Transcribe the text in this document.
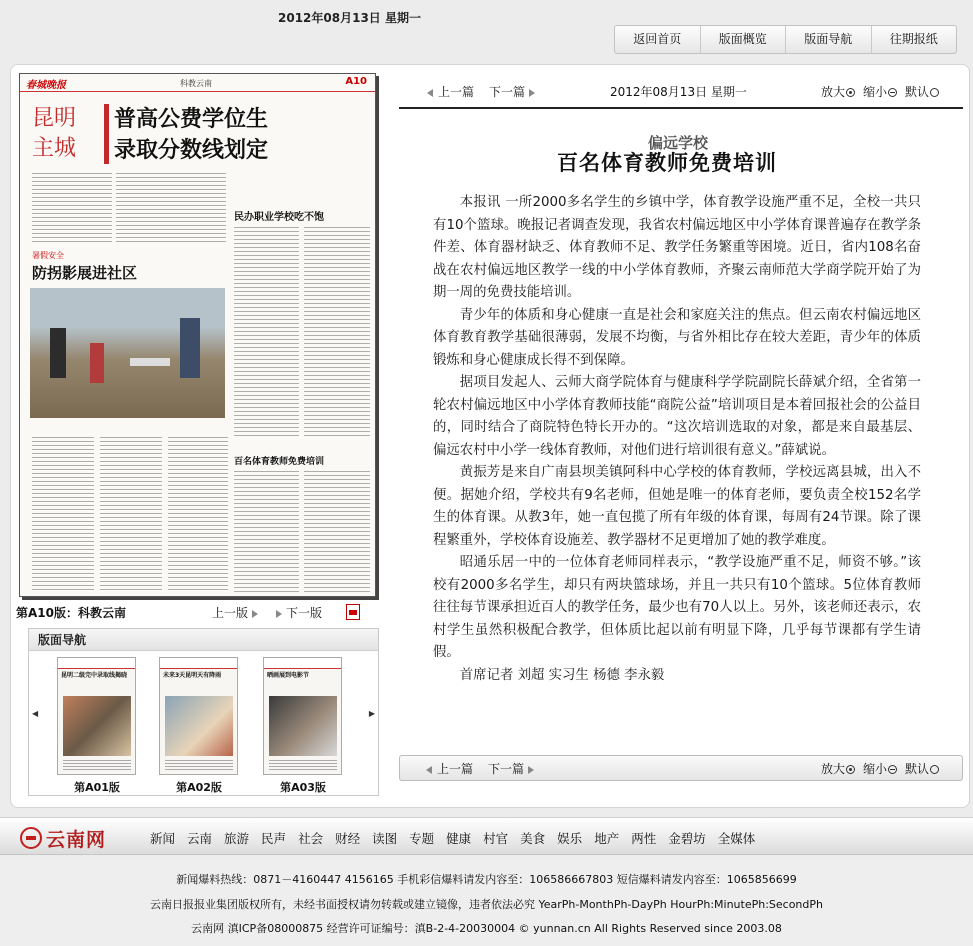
2012年08月13日 星期一
返回首页	版面概览	版面导航	往期报纸
春城晚报	科教云南	A10
昆明
主城
普高公费学位生
录取分数线划定
民办职业学校吃不饱
暑假安全
防拐影展进社区
百名体育教师免费培训
第A10版：科教云南	上一版	下一版
版面导航
◀	▶
昆明二级完中录取线揭晓	未来3天昆明天有降雨	晒画展到电影节
第A01版	第A02版	第A03版
上一篇 下一篇	2012年08月13日 星期一	放大	缩小	默认
偏远学校
百名体育教师免费培训

本报讯 一所2000多名学生的乡镇中学，体育教学设施严重不足，全校一共只有10个篮球。晚报记者调查发现，我省农村偏远地区中小学体育课普遍存在教学条件差、体育器材缺乏、体育教师不足、教学任务繁重等困境。近日，省内108名奋战在农村偏远地区教学一线的中小学体育教师，齐聚云南师范大学商学院开始了为期一周的免费技能培训。

青少年的体质和身心健康一直是社会和家庭关注的焦点。但云南农村偏远地区体育教育教学基础很薄弱，发展不均衡，与省外相比存在较大差距，青少年的体质锻炼和身心健康成长得不到保障。

据项目发起人、云师大商学院体育与健康科学学院副院长薛斌介绍，全省第一轮农村偏远地区中小学体育教师技能“商院公益”培训项目是本着回报社会的公益目的，同时结合了商院特色特长开办的。“这次培训选取的对象，都是来自最基层、偏远农村中小学一线体育教师，对他们进行培训很有意义。”薛斌说。

黄振芳是来自广南县坝美镇阿科中心学校的体育教师，学校远离县城，出入不便。据她介绍，学校共有9名老师，但她是唯一的体育老师，要负责全校152名学生的体育课。从教3年，她一直包揽了所有年级的体育课，每周有24节课。除了课程繁重外，学校体育设施差、教学器材不足更增加了她的教学难度。

昭通乐居一中的一位体育老师同样表示，“教学设施严重不足，师资不够。”该校有2000多名学生，却只有两块篮球场，并且一共只有10个篮球。5位体育教师往往每节课承担近百人的教学任务，最少也有70人以上。另外，该老师还表示，农村学生虽然积极配合教学，但体质比起以前有明显下降，几乎每节课都有学生请假。

首席记者 刘超 实习生 杨德 李永毅

上一篇 下一篇	放大	缩小	默认
云南网	新闻 云南 旅游 民声 社会 财经 读图 专题 健康 村官 美食 娱乐 地产 两性 金碧坊 全媒体
新闻爆料热线：0871－4160447 4156165 手机彩信爆料请发内容至：106586667803 短信爆料请发内容至：1065856699
云南日报报业集团版权所有，未经书面授权请勿转载或建立镜像，违者依法必究 YearPh-MonthPh-DayPh HourPh:MinutePh:SecondPh
云南网 滇ICP备08000875 经营许可证编号：滇B-2-4-20030004 © yunnan.cn All Rights Reserved since 2003.08
